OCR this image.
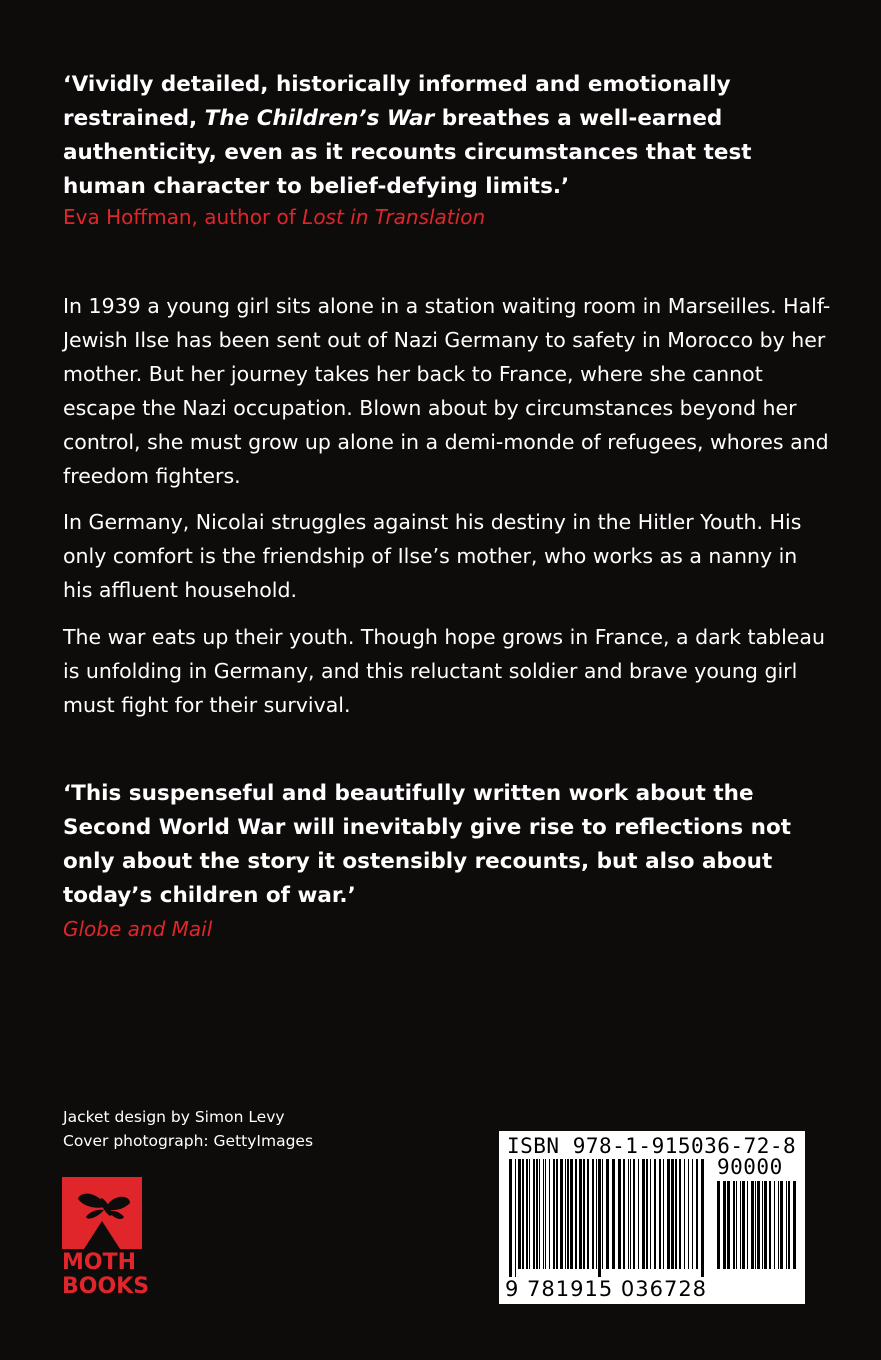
‘Vividly detailed, historically informed and emotionally restrained, The Children’s War breathes a well-earned authenticity, even as it recounts circumstances that test human character to belief-defying limits.’

Eva Hoffman, author of Lost in Translation

In 1939 a young girl sits alone in a station waiting room in Marseilles. Half-Jewish Ilse has been sent out of Nazi Germany to safety in Morocco by her mother. But her journey takes her back to France, where she cannot escape the Nazi occupation. Blown about by circumstances beyond her control, she must grow up alone in a demi-monde of refugees, whores and freedom fighters.

In Germany, Nicolai struggles against his destiny in the Hitler Youth. His only comfort is the friendship of Ilse’s mother, who works as a nanny in his affluent household.

The war eats up their youth. Though hope grows in France, a dark tableau is unfolding in Germany, and this reluctant soldier and brave young girl must fight for their survival.

‘This suspenseful and beautifully written work about the Second World War will inevitably give rise to reflections not only about the story it ostensibly recounts, but also about today’s children of war.’

Globe and Mail

Jacket design by Simon Levy
Cover photograph: GettyImages

MOTH
BOOKS
ISBN 978-1-915036-72-8
90000
9 781915 036728
